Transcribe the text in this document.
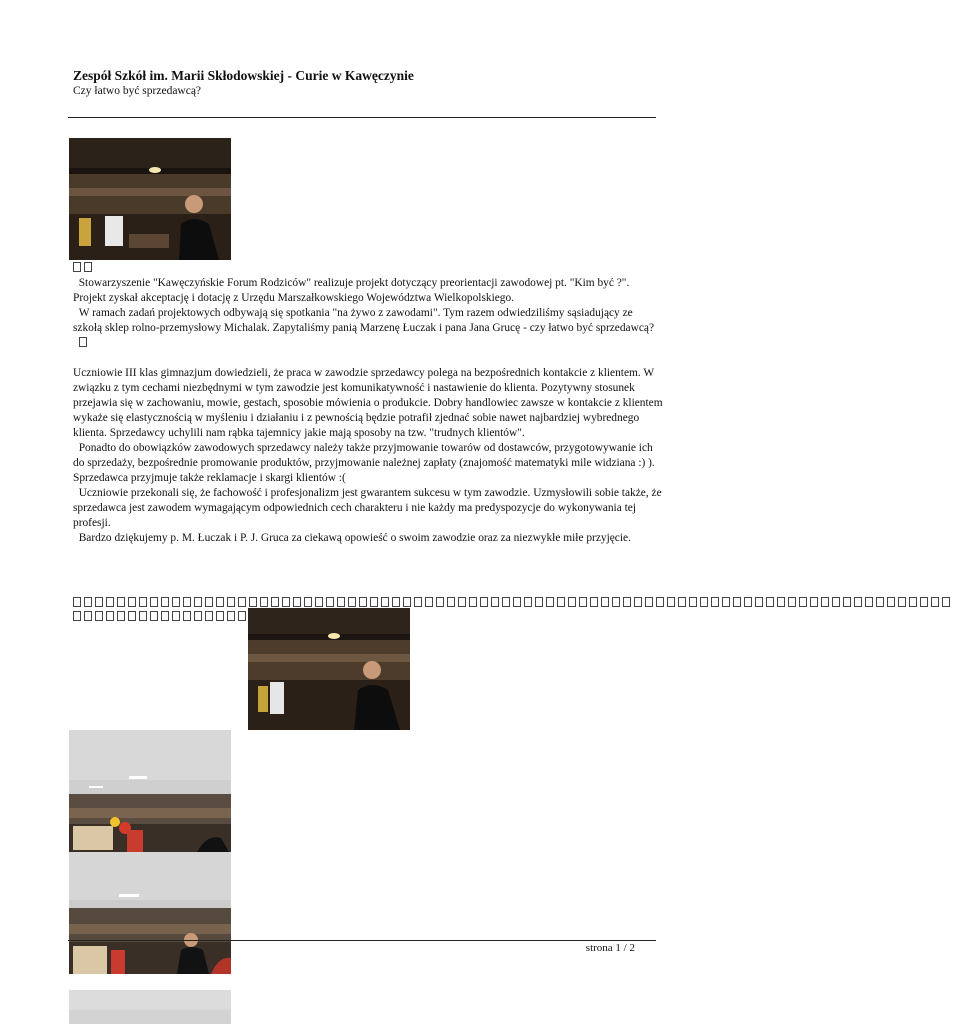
Zespół Szkół im. Marii Skłodowskiej - Curie w Kawęczynie
Czy łatwo być sprzedawcą?

Stowarzyszenie "Kawęczyńskie Forum Rodziców" realizuje projekt dotyczący preorientacji zawodowej pt. "Kim być ?". Projekt zyskał akceptację i dotację z Urzędu Marszałkowskiego Województwa Wielkopolskiego.

W ramach zadań projektowych odbywają się spotkania "na żywo z zawodami". Tym razem odwiedziliśmy sąsiadujący ze szkołą sklep rolno-przemysłowy Michalak. Zapytaliśmy panią Marzenę Łuczak i pana Jana Grucę - czy łatwo być sprzedawcą?

Uczniowie III klas gimnazjum dowiedzieli, że praca w zawodzie sprzedawcy polega na bezpośrednich kontakcie z klientem. W związku z tym cechami niezbędnymi w tym zawodzie jest komunikatywność i nastawienie do klienta. Pozytywny stosunek przejawia się w zachowaniu, mowie, gestach, sposobie mówienia o produkcie. Dobry handlowiec zawsze w kontakcie z klientem wykaże się elastycznością w myśleniu i działaniu i z pewnością będzie potrafił zjednać sobie nawet najbardziej wybrednego klienta. Sprzedawcy uchylili nam rąbka tajemnicy jakie mają sposoby na tzw. "trudnych klientów".

Ponadto do obowiązków zawodowych sprzedawcy należy także przyjmowanie towarów od dostawców, przygotowywanie ich do sprzedaży, bezpośrednie promowanie produktów, przyjmowanie należnej zapłaty (znajomość matematyki mile widziana :) ). Sprzedawca przyjmuje także reklamacje i skargi klientów :(

Uczniowie przekonali się, że fachowość i profesjonalizm jest gwarantem sukcesu w tym zawodzie. Uzmysłowili sobie także, że sprzedawca jest zawodem wymagającym odpowiednich cech charakteru i nie każdy ma predyspozycje do wykonywania tej profesji.

Bardzo dziękujemy p. M. Łuczak i P. J. Gruca za ciekawą opowieść o swoim zawodzie oraz za niezwykłe miłe przyjęcie.

strona 1 / 2
